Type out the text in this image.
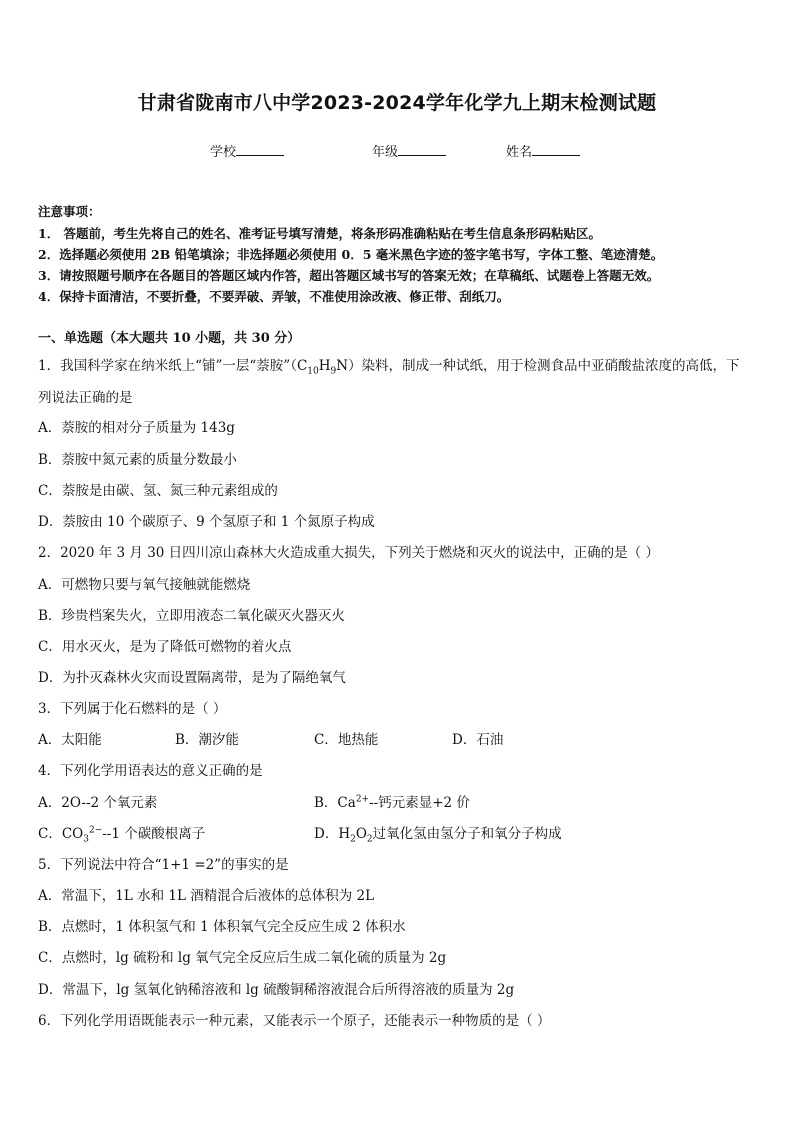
甘肃省陇南市八中学2023-2024学年化学九上期末检测试题
学校	年级	姓名
注意事项：
1． 答题前，考生先将自己的姓名、准考证号填写清楚，将条形码准确粘贴在考生信息条形码粘贴区。
2．选择题必须使用 2B 铅笔填涂；非选择题必须使用 0．5 毫米黑色字迹的签字笔书写，字体工整、笔迹清楚。
3．请按照题号顺序在各题目的答题区域内作答，超出答题区域书写的答案无效；在草稿纸、试题卷上答题无效。
4．保持卡面清洁，不要折叠，不要弄破、弄皱，不准使用涂改液、修正带、刮纸刀。
一、单选题（本大题共 10 小题，共 30 分）
1．我国科学家在纳米纸上“铺”一层“萘胺$”(C_{10}H_9N)$染料，制成一种试纸，用于检测食品中亚硝酸盐浓度的高低，下
列说法正确的是
A．萘胺的相对分子质量为 143g
B．萘胺中氮元素的质量分数最小
C．萘胺是由碳、氢、氮三种元素组成的
D．萘胺由 10 个碳原子、9 个氢原子和 1 个氮原子构成
2．2020 年 3 月 30 日四川凉山森林大火造成重大损失，下列关于燃烧和灭火的说法中，正确的是（ ）
A．可燃物只要与氧气接触就能燃烧
B．珍贵档案失火，立即用液态二氧化碳灭火器灭火
C．用水灭火，是为了降低可燃物的着火点
D．为扑灭森林火灾而设置隔离带，是为了隔绝氧气
3．下列属于化石燃料的是（ ）
A．太阳能	B．潮汐能	C．地热能	D．石油
4．下列化学用语表达的意义正确的是
A．2O--2 个氧元素	B．$Ca^{2+}--$钙元素显+2 价
C．$CO_3^{2-}--1$ 个碳酸根离子	D．$H_2O_2$过氧化氢由氢分子和氧分子构成
5．下列说法中符合“1+1 =2”的事实的是
A．常温下，1L 水和 1L 酒精混合后液体的总体积为 2L
B．点燃时，1 体积氢气和 1 体积氧气完全反应生成 2 体积水
C．点燃时，lg 硫粉和 lg 氧气完全反应后生成二氧化硫的质量为 2g
D．常温下，lg 氢氧化钠稀溶液和 lg 硫酸铜稀溶液混合后所得溶液的质量为 2g
6．下列化学用语既能表示一种元素，又能表示一个原子，还能表示一种物质的是（ ）
